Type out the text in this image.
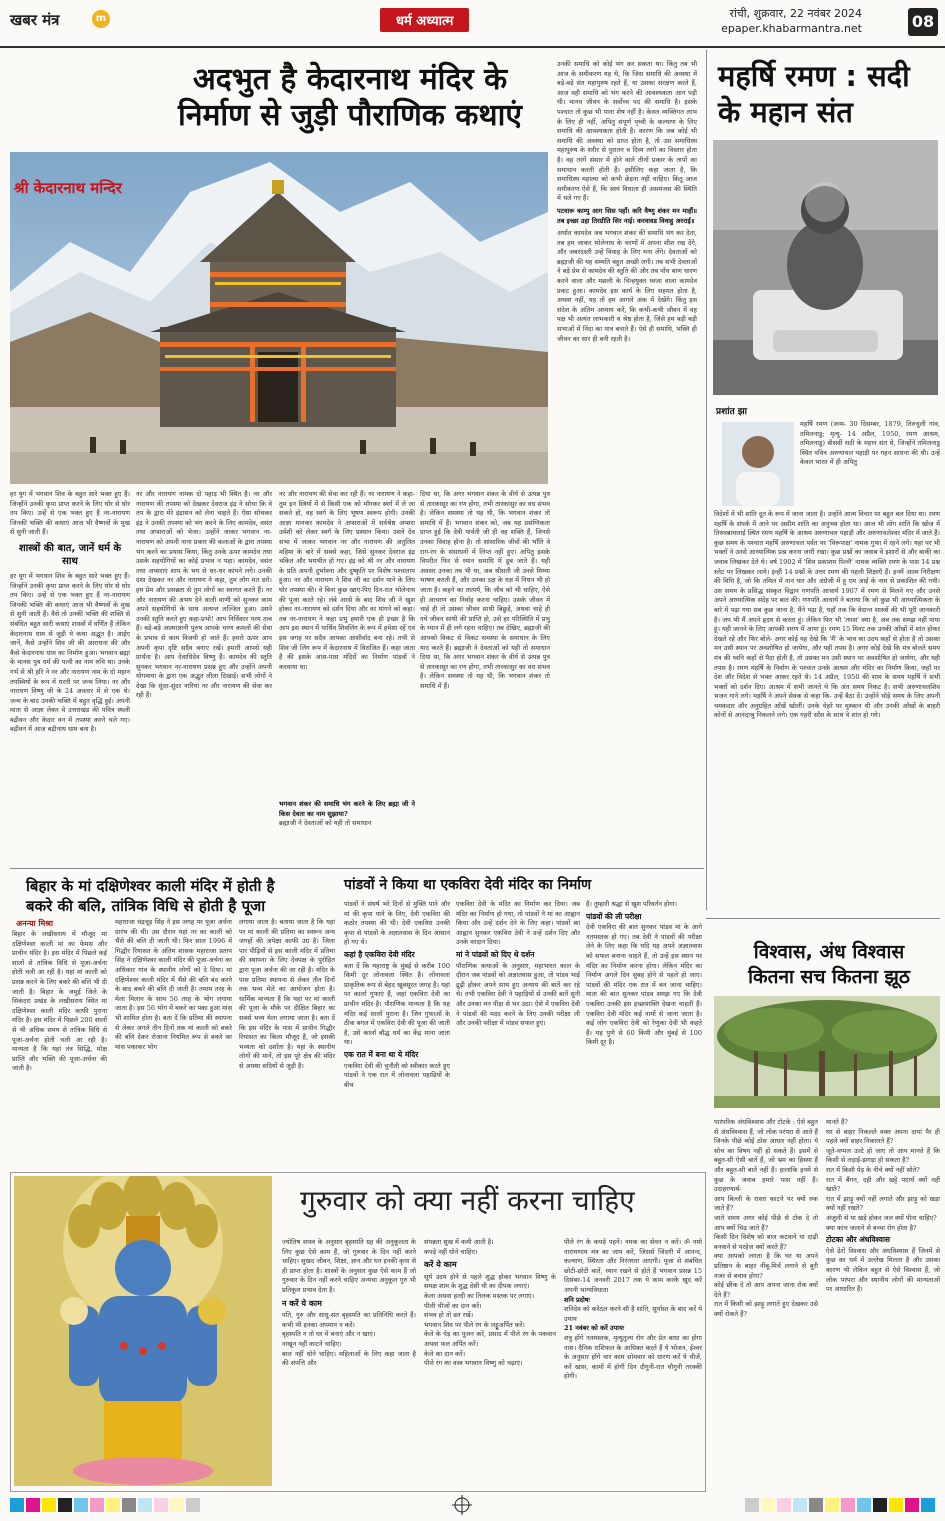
खबर मंत्र	m	धर्म अध्यात्म
रांची, शुक्रवार, 22 नवंबर 2024
epaper.khabarmantra.net	08
अदभुत है केदारनाथ मंदिर के
निर्माण से जुड़ी पौराणिक कथाएं
श्री केदारनाथ मन्दिर
हर युग में भगवान शिव के बहुत सारे भक्त हुए हैं। जिन्होंने उनकी कृपा प्राप्त करने के लिए घोर से घोर तप किए। उन्हें से एक भक्त हुए हैं नर-नारायण जिनकी भक्ति की कथाएं आज भी वैष्णवों के मुख से सुनी जाती हैं।
शास्त्रों की बात, जानें धर्म के साथ
हर युग में भगवान शिव के बहुत सारे भक्त हुए हैं। जिन्होंने उनकी कृपा प्राप्त करने के लिए घोर से घोर तप किए। उन्हें से एक भक्त हुए हैं नर-नारायण जिनकी भक्ति की कथाएं आज भी वैष्णवों के मुख से सुनी जाती हैं। वैसे तो उनकी भक्ति की शक्ति से संबंधित बहुत सारी कथाएं शास्त्रों में वर्णित हैं लेकिन केदारनाथ धाम से जुड़ी ये कथा अद्भुत है। आईए जानें, कैसे उन्होंने शिव जी की आराधना की और कैसे केदारनाथ धाम का निर्माण हुआ। भगवान ब्रह्मा के मानस पुत्र धर्म की पत्नी का नाम रुचि था। उनके गर्भ से श्री हरि ने नर और नारायण नाम के दो महान तपस्वियों के रूप में धरती पर जन्म लिया। नर और नारायण विष्णु जी के 24 अवतार में से एक थे। जन्म के बाद उनकी भक्ति में बहुत वृद्धि हुई। अपनी माता से आज्ञा लेकर वे उत्तराखंड की पवित्र स्थली बद्रीवन और केदार वन में तपस्या करने चले गए। बद्रीवन में आज बद्रीनाथ धाम बना है।
नर और नारायण नामक दो पहाड़ भी स्थित है। नर और नारायण की तपस्या को देखकर देवराज इंद्र ने सोचा कि वे तप के द्वारा मेरे इंद्रासन को लेना चाहते हैं। ऐसा सोचकर इंद्र ने उनकी तपस्या को भंग करने के लिए कामदेव, वसंत तथा अप्सराओं को भेजा। उन्होंने जाकर भगवान नर-नारायण को अपनी नाना प्रकार की कलाओं के द्वारा तपस्या भंग करने का प्रयास किया, किंतु उनके ऊपर कामदेव तथा उसके सहयोगियों का कोई प्रभाव न पड़ा। कामदेव, वसंत तथा अप्सराएं शाप के भय से थर-थर कांपने लगे। उनकी दशा देखकर नर और नारायण ने कहा, तुम लोग मत डरो। हम प्रेम और प्रसन्नता से तुम लोगों का स्वागत करते हैं। नर और नारायण की अभय देने वाली वाणी को सुनकर काम अपने सहयोगियों के साथ अत्यन्त लज्जित हुआ। उसने उनकी स्तुति करते हुए कहा-प्रभो! आप निर्विकार परम तत्व हैं। बड़े-बड़े आत्माज्ञानी पुरुष आपके चरण कमलों की सेवा के प्रभाव से काम विजयी हो जाते हैं। हमारे ऊपर आप अपनी कृपा दृष्टि सदैव बनाए रखें। हमारी आपसे यही प्रार्थना है। आप देवाधिदेव विष्णु हैं। कामदेव की स्तुति सुनकर भगवान नर-नारायण प्रसन्न हुए और उन्होंने अपनी योगमाया के द्वारा एक अद्भुत लीला दिखाई। सभी लोगों ने देखा कि सुंदर-सुंदर नारियां नर और नारायण की सेवा कर रही हैं।
नर और नारायण की सेवा कर रही हैं। नर नारायण ने कहा- तुम इन स्त्रियों में से किसी एक को माँगकर स्वर्ग में ले जा सकते हो, वह स्वर्ग के लिए भूषण स्वरूप होगी। उनकी आज्ञा मानकर कामदेव ने अप्सराओं में सर्वश्रेष्ठ अप्सरा उर्वशी को लेकर स्वर्ग के लिए प्रस्थान किया। उसने देव सभा में जाकर भगवान नर और नारायण की अतुलित महिमा के बारे में सबसे कहा, जिसे सुनकर देवराज इंद्र चकित और भयभीत हो गए। इंद्र को श्री नर और नारायण के प्रति अपनी दुर्भावना और दुष्कृति पर विशेष पश्चाताप हुआ। नर और नारायण ने शिव जी का दर्शन पाने के लिए घोर तपस्या की। वे बिना कुछ खाए-पिए दिन-रात भोलेनाथ की पूजा करते रहे। लंबे अरसे के बाद शिव जी ने खुश होकर नर-नारायण को दर्शन दिया और वर मांगने को कहा। तब नर-नारायण ने कहा प्रभु हमारी एक ही इच्छा है कि आप इस स्थान में पार्थिव शिवलिंग के रूप में हमेशा रहें एवं इस जगह पर सदैव आपका आशीर्वाद बना रहे। तभी से शिव जी लिंग रूप में केदारनाथ में विराजित हैं। कहा जाता है की इसके आस-पास मंदिरों का निर्माण पांडवों ने करवाया था।
भगवान शंकर की समाधि भंग करने के लिए ब्रह्मा जी ने किस देवता का नाम सुझाया?
ब्रह्माजी ने देवताओं को यही तो समाधान
दिया था, कि अगर भगवान शंकर के वीर्य से उत्पन्न पुत्र से तारकासुर का रण होगा, तभी तारकासुर का वध संभव है। लेकिन समस्या तो यह थी, कि भगवान शंकर तो समाधि में हैं। भगवान शंकर को, जब यह प्रसंग्निकता प्राप्त हुई कि देवी पार्वती जी ही वह शक्ति हैं, जिनसे उनका विवाह होना है। तो सांसारिक जीवों की भाँति वे राग-रंग के संसाधनों में लिप्त नहीं हुए। अपितु इसके विपरीत फिर से ध्यान समाधि में डूब जाते हैं। यही अवसर उनका तब भी था, जब श्रीसती जी उनसे मिथ्या भाषण करती हैं, और उनका दक्ष के यज्ञ में निधन भी हो जाता है। कहने का तात्पर्य, कि जीव को भी चाहिए, ऐसे ही आचरण का निर्वाह करना चाहिए। उसके जीवन में चाहे ही तो उसका जीवन साथी बिछुड़े, अथवा चाहे ही नये जीवन साथी की प्राप्ति हो, उसे हर परिस्थिति में प्रभु के ध्यान में ही लगे रहना चाहिए। तब देखिए, ब्रह्माजी की आपको विकट से विकट समस्या के समाधान के लिए याद करते हैं। ब्रह्माजी ने देवताओं को यही तो समाधान दिया था, कि अगर भगवान शंकर के वीर्य से उत्पन्न पुत्र से तारकासुर का रण होगा, तभी तारकासुर का वध संभव है। लेकिन समस्या तो यह थी, कि भगवान शंकर तो समाधि में हैं।
उनकी समाधि को कोई भंग कर सकता था। किंतु तब भी आज के समीकरण यह थे, कि जिस समाधि की अवस्था में बड़े-बड़े संत महापुरुष रहते हैं, या उसका संरक्षण करते हैं, आज वही समाधि को भंग करने की आवश्यकता आन पड़ी थी। मानव जीवन के सर्वोच्च पद की समाधि है। इसके पश्चात तो कुछ भी पाना शेष नहीं है। केवल व्यक्तिगत लाभ के लिए ही नहीं, अपितु संपूर्ण पृथ्वी के कल्याण के लिए समाधि की आवश्यकता होती है। कारण कि जब कोई भी समाधि की अवस्था को प्राप्त होता है, तो उस समाधिस्थ महापुरुष के शरीर से पुरातन व दिव्य तरंगें का विस्तार होता है। वह तरंगें संसार में होने वाले तीनों प्रकार के तापों का समाधान करती होती हैं। इसीलिए कहा जाता है, कि समाधिस्थ महात्मा को कभी छेड़ना नहीं चाहिए। किंतु आज समीकरण ऐसे हैं, कि स्वयं विधाता ही असमंजस की स्थिति में चले गए हैं।
पटवारू काम्पु आग सिस पहाँ। करि वैष्णु शंकर मन माहौं॥ तब इच्छा उहा तिरग्रीति सिर नाई। करवावड विवाहु अरराई॥
अर्थात कामदेव जब भगवान शंकर की समाधि भंग कर देता, तब हम जाकर भोलेनाथ के चरणों में अपना शीश रख देंगे, और जबरदस्ती उन्हें विवाह के लिए मना लेंगे। देवताओं को ब्रह्माजी की यह सम्मति बहुत अच्छी लगी। तब सभी देवताओं ने बड़े प्रेम से कामदेव की स्तुति की और तब पाँच बाण धारण करने वाला और मछली के चिन्हयुक्त ध्वजा वाला कामदेव प्रकट हुआ। कामदेव इस कार्य के लिए सहमत होता है, अथवा नहीं, यह तो हम आगले अंक में देखेंगे। किंतु इस संदेश के अंतिम अध्याय करें, कि कभी-कभी जीवन में वह पक्ष भी अत्यंत लाभकारी व श्रेष्ठ होता है, जिसे हम बड़ी बड़ी सभाओं में निंदा का पात्र बनाते हैं। ऐसे ही समाधि, भक्ति ही जीवन का सार ही बनी रहती है।
महर्षि रमण : सदी
के महान संत
प्रशांत झा
महर्षि रमण (जन्म- 30 दिसम्बर, 1879, तिरुचुली गांव, तमिलनाडु; मृत्यु- 14 अप्रैल, 1950, रमण आश्रम, तमिलनाडु) बीसवीं सदी के महान संत थे, जिन्होंने तमिलनाडु स्थित पवित्र अरुणाचल पहाड़ी पर गहन साधना की थी। उन्हें केवल भारत में ही अपितु
विदेशों में भी शांति दूत के रूप में जाना जाता है। उन्होंने आत्म विचार पर बहुत बल दिया था। रमण महर्षि के संपर्क में आने पर असीम शांति का अनुभव होता था। आज भी लोग शांति कि खोज में तिरुवन्नामलाई स्थित रमण महर्षि के आश्रम अरुणाचल पहाड़ी और अरुणाचलेश्वर मंदिर में जाते हैं। कुछ समय के पश्चात महर्षि अरुणाचल पर्वत पर 'विरूपाक्ष' नामक गुफा में रहने लगे। यहां पर भी भक्तों ने उनसे आध्यात्मिक प्रश्न करना जारी रखा। कुछ प्रश्नों का जवाब वे इशारों से और बाकी का जवाब लिखकर देते थे। वर्ष 1902 में 'शिव प्रकाशम पिल्लै' नामक व्यक्ति रमण के पास 14 प्रश्न स्लेट पर लिखकर लाये। इन्हीं 14 प्रश्नों के उत्तर रमण की पहली शिक्षाएँ हैं। इनमें आत्म निरीक्षण की विधि है, जो कि तमिल में नान यार और अंग्रेजी में हू एम आई के नाम से प्रकाशित की गयी। उस समय के प्रसिद्ध संस्कृत विद्वान गणपति आचार्य 1907 में रमण से मिलने गए और उनसे अपने आध्यात्मिक संदेह पर बात की। गणपति आचार्य ने बताया कि जो कुछ भी आध्यात्मिकता के बारे में पढ़ा गया सब कुछ जाना है, मैंने पढ़ा है, यहाँ तक कि वेदान्त शास्त्रों की भी पूरी जानकारी है। जप भी मैं अपने हृदय से करता हूं। लेकिन फिर भी 'तपस' क्या है, अब तक समझ नहीं पाया हूं। यही जानने के लिए आपकी शरण में आया हूं। रमण 15 मिनट तक उनकी आँखों में शांत होकर देखते रहे और फिर बोले- अगर कोई यह देखे कि 'मैं' के भाव का उदय कहाँ से होता है तो उसका मन उसी स्थान पर अवशोषित हो जायेगा, और यही तपस है। अगर कोई देखे कि मंत्र बोलते समय मंत्र की ध्वनि कहाँ से पैदा होती है, तो उसका मन उसी स्थान पर अवशोषित हो जायेगा, और यही तपस है। रमण महर्षि के निर्वाण के पश्चात उनके आश्रम और मंदिर का निर्माण किया, जहाँ पर देश और विदेश से भक्त आकर रहते थे। 14 अप्रैल, 1950 की शाम के समय महर्षि ने सभी भक्तों को दर्शन दिए। आश्रम में सभी जानते थे कि अंत समय निकट है। सभी अरुणाचलशिव भजन गाने लगे। महर्षि ने अपने सेवक से कहा कि- उन्हें बैठा दें। उन्होंने थोड़े समय के लिए अपनी चमकदार और अनुग्रहित आँखें खोलीं। उनके चेहरे पर मुस्कान थी और उनकी आँखों के बाहरी कोनों से आनंदाश्रु निकलने लगे। एक गहरी साँस के साथ वे शांत हो गये।
बिहार के मां दक्षिणेश्वर काली मंदिर में होती है
बकरे की बलि, तांत्रिक विधि से होती है पूजा
अनन्या मिश्रा
बिहार के लखीसराय में मौजूद मां दक्षिणेश्वर काली मां का फेमस और प्राचीन मंदिर है। इस मंदिर में पिछले कई सालों से तांत्रिक विधि से पूजा-अर्चना होती चली आ रही है। यहां मां काली को प्रसन्न करने के लिए बकरे की बलि भी दी जाती है। बिहार के जमुई जिले के सिकंदरा प्रखंड के लखीसराय स्थित मां दक्षिणेश्वर काली मंदिर काफी पुराना मंदिर है। इस मंदिर में पिछले 200 सालों से भी अधिक समय से तांत्रिक विधि से पूजा-अर्चना होती चली आ रही है। मान्यता है कि यहां तंत्र सिद्धि, मोक्ष प्राप्ति और भक्ति की पूजा-अर्चना की जाती है।
महाराजा चंद्रचूड़ सिंह ने इस जगह पर पूजा अर्चना प्रारंभ की थी। उस दौरान यहां नर का काली को भैंसे की बलि दी जाती थी। फिर साल 1996 में गिद्धौर रियासत के अंतिम शासक महाराजा प्रताप सिंह ने दक्षिणेश्वर काली मंदिर की पूजा-अर्चना का अधिकार गांव के स्थानीय लोगों को दे दिया। मां दक्षिणेश्वर काली मंदिर में भैंसे की बलि बंद करने के बाद बकरे की बलि दी जाती है। तमाम तरह के मेला मिलान के साथ 56 तरह के भोग लगाया जाता है। इस 56 भोग में बकरे का पका हुआ मांस भी शामिल होता है। बता दें कि प्रतिमा की स्थापना से लेकर अगले तीन दिनों तक मां काली को बकरे की बलि देकर रोजाना नियमित रूप से बकरे का मांस पकाकर भोग
लगाया जाता है। बताया जाता है कि यहां पर मां काली की प्रतिमा का स्वरूप अन्य जगहों की अपेक्षा काफी उग्र है। जिला पार पीढ़ियों से इस काली मंदिर में प्रतिमा की स्थापना के लिए देवपक्ष के पुरोहित द्वारा पूजा अर्चना की जा रही है। मंदिर के पास प्रतिमा स्थापना से लेकर तीन दिनों तक भव्य मेले का आयोजन होता है। धार्मिक मान्यता है कि यहां पर मां काली की पूजा के मौके पर दीक्षित बिहार का सबसे भव्य मेला लगाया जाता है। बता दें कि इस मंदिर के पास में प्राचीन गिद्धौर रियासत का किला मौजूद है, जो इसकी भव्यता को दर्शाता है। यहां के स्थानीय लोगों की मानें, तो इस पूरे क्षेत्र की मंदिर से आस्था सदियों से जुड़ी है।
पांडवों ने किया था एकविरा देवी मंदिर का निर्माण
पांडवों ने संघर्ष भरे दिनों से मुक्ति पाने और मां की कृपा पाने के लिए, देवी एकविरा की कठोर तपस्या की थी। देवी एकविरा उनकी कृपा से पांडवों के अज्ञातवास के दिन आसान हो गए थे।
कहां है एकविरा देवी मंदिर
बता दें कि महाराष्ट्र के मुंबई से करीब 100 किमी दूर लोनावला स्थित है। लोनावला प्राकृतिक रूप से बेहद खूबसूरत जगह है। यहां पर कार्ला गुफाएं हैं, जहां एकविरा देवी का प्राचीन मंदिर है। पौराणिक मान्यता है कि यह मंदिर कई सालों पुराना है। जिन गुफाओं के ठीक बगल में एकविरा देवी की पूजा की जाती है, उसे कार्ला बौद्ध धर्म का केंद्र माना जाता था।
एक रात में बना था ये मंदिर
एकविरा देवी की चुनौती को स्वीकार करते हुए पांडवों ने एक रात में लोनावला पहाड़ियों के बीच
एकविरा देवी के मंदिर का निर्माण कर दिया। जब मंदिर का निर्माण हो गया, तो पांडवों ने मां का आह्वान किया और उन्हें दर्शन देने के लिए कहा। पांडवों का आह्वान सुनकर एकविरा देवी ने उन्हें दर्शन दिए और उनके वरदान दिया।
मां ने पांडवों को दिए थे दर्शन
पौराणिक कथाओं के अनुसार, महाभारत काल के दौरान जब पांडवों को अज्ञातवास हुआ, तो पांडव भाई द्रुढ़ी होकर अपने साथ हुए अन्याय की बातें कर रहे थे। तभी एकविरा देवी ने पहाड़ियों से उनकी बातें सुनी और उनका मन पीड़ा से भर उठा। ऐसे में एकविरा देवी ने पांडवों की मदद करने के लिए उनकी परीक्षा ली और उनकी परीक्षा में पांडव सफल हुए।
है। तुम्हारी श्रद्धा से खुश परिवर्तन होगा।
पांडवों की ली परीक्षा
देवी एकविरा की बात सुनकर पांडव मां के आगे नतमस्तक हो गए। तब देवी ने पांडवों की परीक्षा लेने के लिए कहा कि यदि यह अपने अज्ञातवास को सफल बनाना चाहते हैं, तो उन्हें इस स्थान पर मंदिर का निर्माण करना होगा। लेकिन मंदिर का निर्माण अगले दिन सुबह होने से पहले हो जाए। पांडवों की मंदिर एक रात में बन जाना चाहिए। माता की बात सुनकर पांडव समझ गए कि देवी एकविरा उनकी इस इच्छाशक्ति देखना चाहती हैं। एकविरा देवी मंदिर कई नामों से जाना जाता है। कई लोग एकविरा देवी को रेणुका देवी भी कहते हैं। यह पुणे से 60 किमी और मुंबई से 100 किमी दूर है।
विश्वास, अंध विश्वास
कितना सच कितना झूठ
पारंपरिक अंधविश्वास और टोटके : ऐसे बहुत से अंधविश्वास हैं, जो लोक परंपरा से आते हैं जिनके पीछे कोई ठोस आधार नहीं होता। ये सोच का विषय नहीं हो सकते हैं। इसमें से बहुत-सी ऐसी बातें हैं, जो भ्रम का हिस्सा हैं और बहुत-सी बातें नहीं हैं। हालांकि इनमें से कुछ के जवाब हमारे पास नहीं हैं। उदाहरणार्थ-
आप बिल्ली के रास्ता काटने पर क्यों रुक जाते हैं?
जाते समय अगर कोई पीछे से टोक दे तो आप क्यों चिढ़ जाते हैं?
किसी दिन विशेष को बाल कटवाने या दाढ़ी बनवाने से परहेज क्यों करते हैं?
क्या आपको लगता है कि घर या अपने प्रतिष्ठान के बाहर नींबू-मिर्च लगाने से बुरी नजर से बचाव होगा?
कोई छींक दे तो आप अपना जाना रोक क्यों देते हैं?
रात में किसी को झाड़ू लगाते हुए देखकर उसे क्यों रोकते हैं?
मानते हैं?
घर से बाहर निकलते वक्त अपना दायां पैर ही पहले क्यों बाहर निकालते हैं?
जूते-चप्पल उल्टे हो जाए तो आप मानते हैं कि किसी से लड़ाई-झगड़ा हो सकता है?
रात में किसी पेड़ के नीचे क्यों नहीं सोते?
रात में बैंगन, दही और खट्टे पदार्थ क्यों नहीं खाते?
रात में झाड़ू क्यों नहीं लगाते और झाड़ू को खड़ा क्यों नहीं रखते?
अंजुली से या खड़े होकर जल क्यों पीना चाहिए?
क्या कांच जलाने से बच्चा रोग होता है?
टोटका और अंधविश्वास
ऐसे ढेरों विश्वास और अंधविश्वास हैं जिनमें से कुछ का धर्म में उल्लेख मिलता है और उसका कारण भी लेकिन बहुत से ऐसे विश्वास हैं, जो लोक परंपरा और स्थानीय लोगों की मान्यताओं पर आधारित हैं।
गुरुवार को क्या नहीं करना चाहिए
ज्योतिष शास्त्र के अनुसार बृहस्पति ग्रह की अनुकूलता के लिए कुछ ऐसे काम हैं, जो गुरुवार के दिन नहीं करने चाहिए। सुखद जीवन, शिक्षा, ज्ञान और धन इनकी कृपा से ही प्राप्त होता है। शास्त्रों के अनुसार कुछ ऐसे काम हैं जो गुरुवार के दिन नहीं करने चाहिए अन्यथा अनुकूल गुरु भी प्रतिकूल प्रभाव देता है।
न करें ये काम
पति, गुरु और साधु-संत बृहस्पति का प्रतिनिधि करते हैं। कभी भी इनका अपमान न करें।
बृहस्पति न तो घर में बनाएं और न खाएं।
नाखून नहीं काटने चाहिए।
बाल नहीं धोने चाहिए। महिलाओं के लिए कहा जाता है की संपत्ति और
संपन्नता सुख में कमी आती है।
कपड़े नहीं धोने चाहिए।
करें ये काम
सूर्य उदय होने से पहले शुद्ध होकर भगवान विष्णु के समक्ष शाम के शुद्ध देसी घी का दीपक लगाएं।
केला अथवा हल्दी का तिलक मस्तक पर लगाएं।
पीली चीजों का दान करें।
संभव हो तो व्रत रखें।
भगवान शिव पर पीले रंग के लड्डूअर्पित करें।
केले के पेड़ का पूजन करें, प्रसाद में पीले रंग के पकवान अथवा फल अर्पित करें।
केले का दान करें।
पीले रंग का वस्त्र भगवान विष्णु को चढ़ाएं।
पीले रंग के कपड़े पहनें। नमक का सेवन न करें। ॐ नमो नारायणाय मंत्र का जाप करें, जिससे जिंदगी में आनन्द, कल्याण, स्थिरता और निरंतरता आएगी। पूजा से संबंधित छोटी-छोटी बातें, ध्यान रखने से होते हैं भगवान प्रसन्न 15 दिसंबर-14 जनवरी 2017 तक ये काम करके खुद करें अपनी भाग्यविधाता
शनि प्रदोषः
शनिदेव को करेंठल करने सौ है शांति, सूर्यास्त के बाद करें ये उपाय
21 नवंबर को करें उपायः
शत्रु होंगे नतमस्तक, मृत्युतुल्य रोग और प्रेत बाधा का होगा नाश। दैनिक राशिफल के आधिक्त करते हैं ये भोजन, ईश्वर के अनुसार होंगे चार काम सोमवार को धारण करें ये चीजें, करें खास, कामों में होगी दिन दौगुनी-रात चौगुनी तरक्की होगी।
